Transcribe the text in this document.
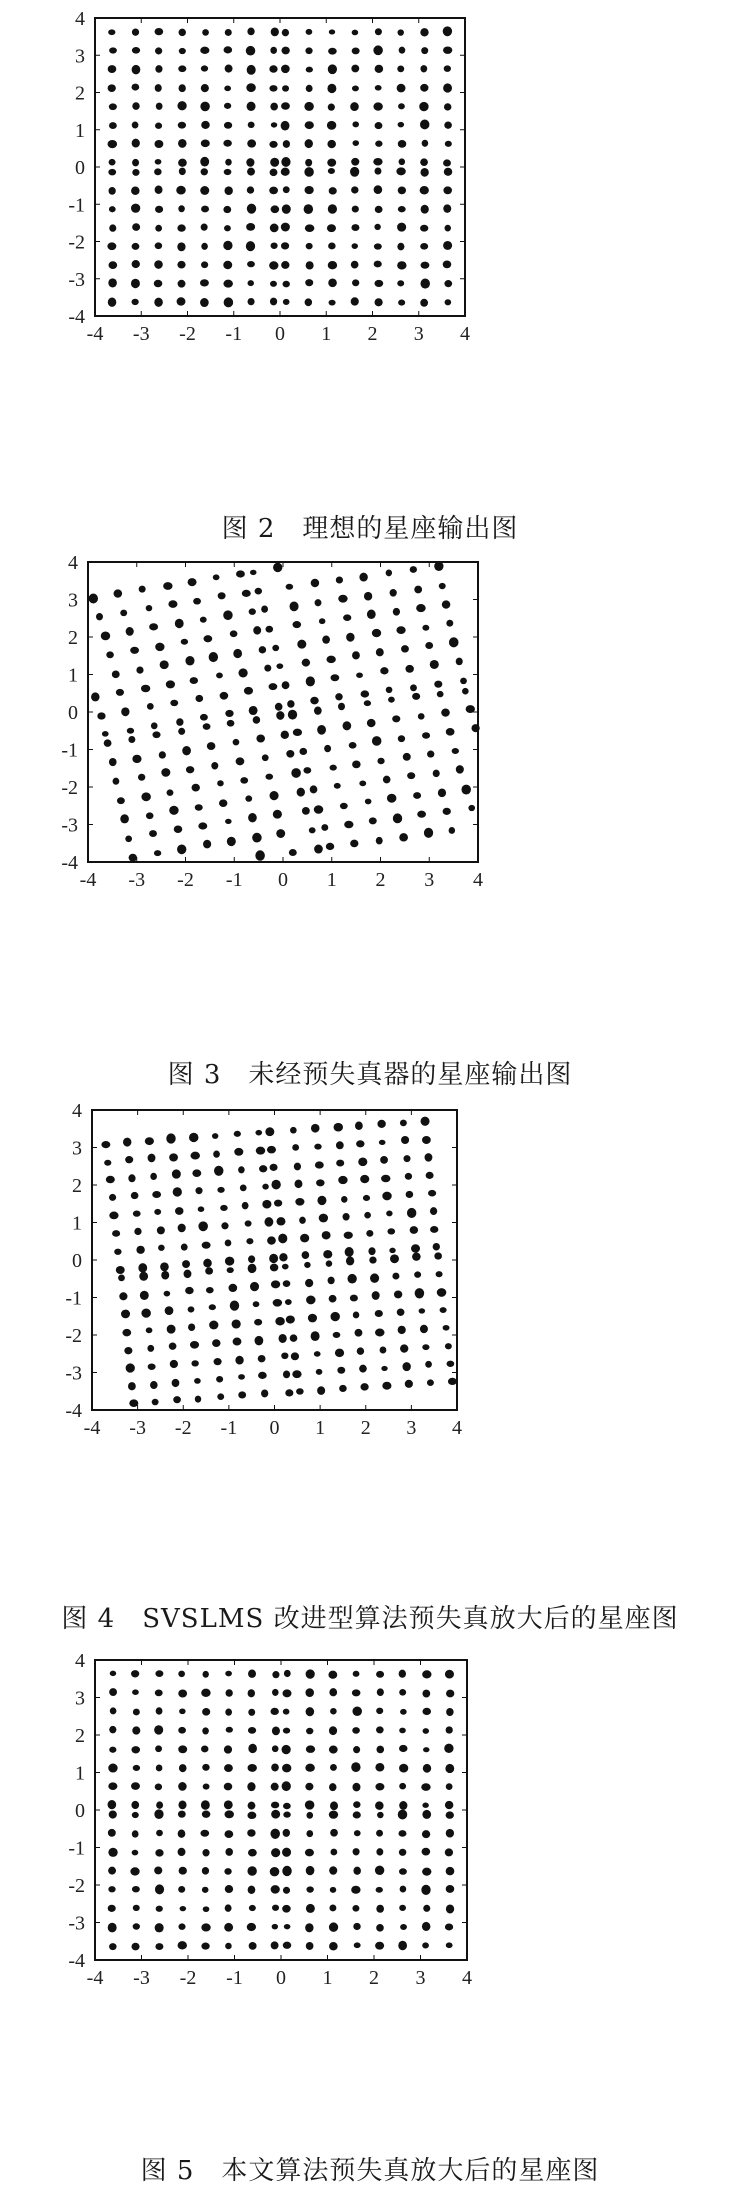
-4 -3 -2 -1 0 1 2 3 4
-4
-3
-2
-1
0
1
2
3
4
图 2　理想的星座输出图
-4 -3 -2 -1 0 1 2 3 4
-4
-3
-2
-1
0
1
2
3
4
图 3　未经预失真器的星座输出图
-4 -3 -2 -1 0 1 2 3 4
-4
-3
-2
-1
0
1
2
3
4
图 4　SVSLMS 改进型算法预失真放大后的星座图
-4 -3 -2 -1 0 1 2 3 4
-4
-3
-2
-1
0
1
2
3
4
图 5　本文算法预失真放大后的星座图
